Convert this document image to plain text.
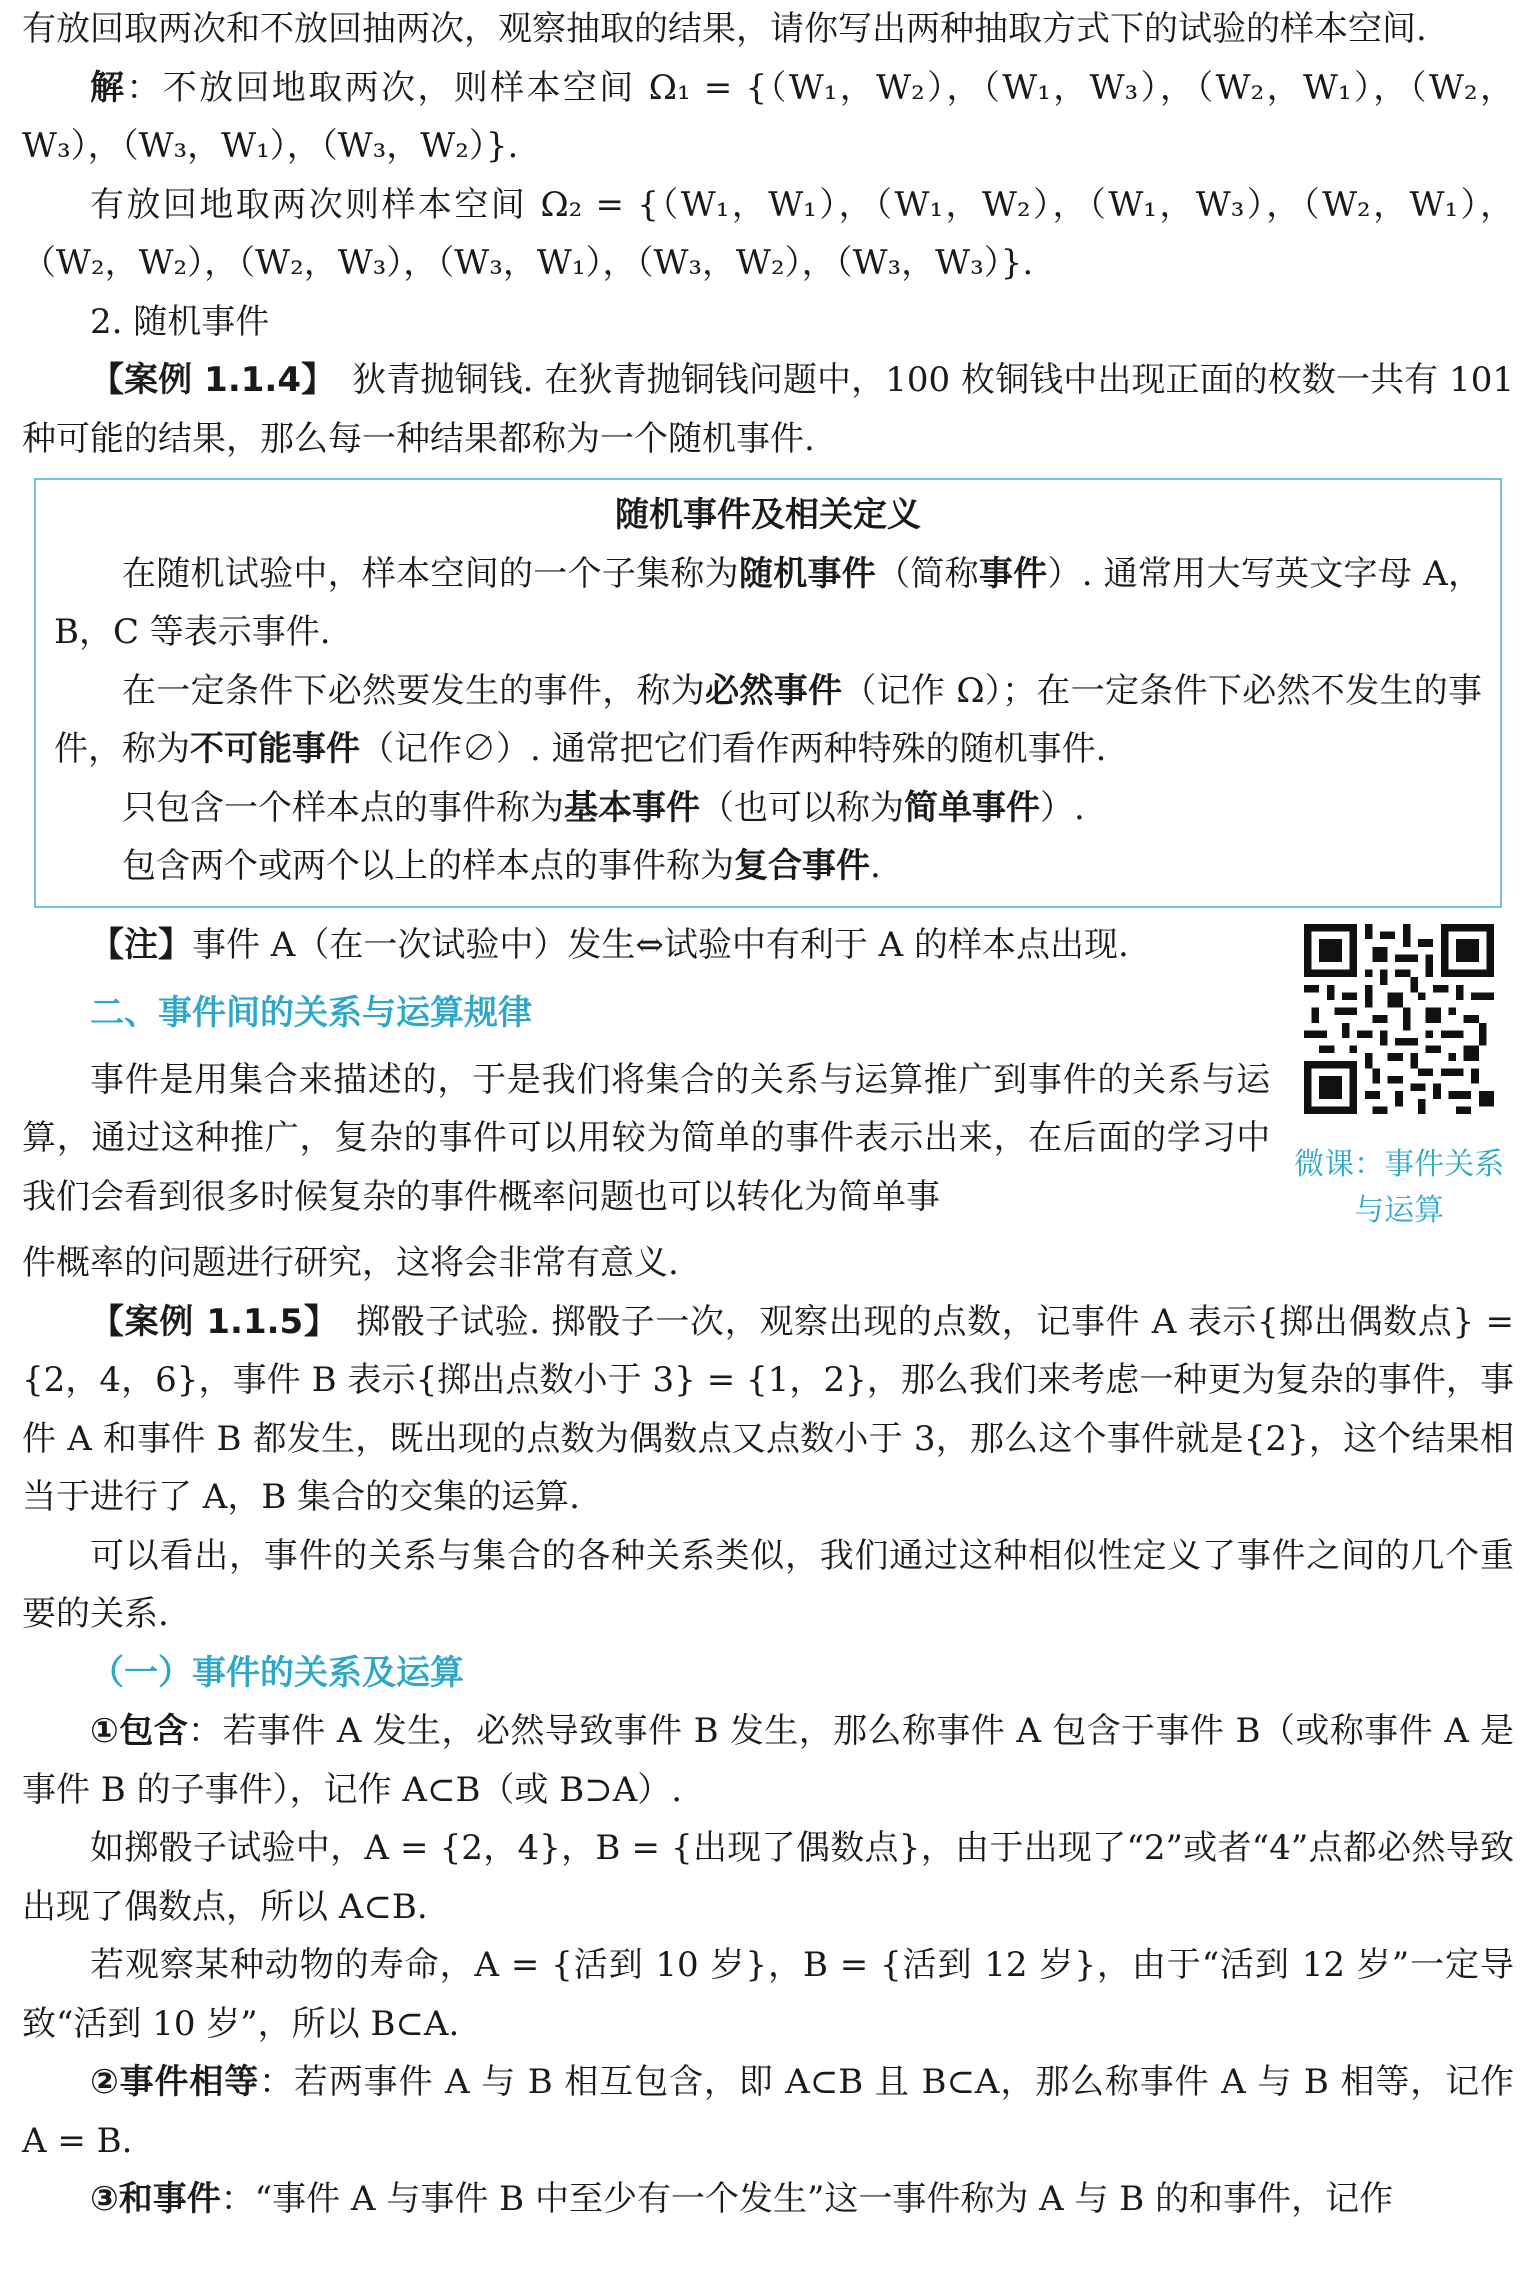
有放回取两次和不放回抽两次，观察抽取的结果，请你写出两种抽取方式下的试验的样本空间.

解：不放回地取两次，则样本空间 Ω₁ = {（W₁，W₂），（W₁，W₃），（W₂，W₁），（W₂，W₃），（W₃，W₁），（W₃，W₂）}.

有放回地取两次则样本空间 Ω₂ = {（W₁，W₁），（W₁，W₂），（W₁，W₃），（W₂，W₁），（W₂，W₂），（W₂，W₃），（W₃，W₁），（W₃，W₂），（W₃，W₃）}.

2. 随机事件

【案例 1.1.4】　 狄青抛铜钱. 在狄青抛铜钱问题中，100 枚铜钱中出现正面的枚数一共有 101 种可能的结果，那么每一种结果都称为一个随机事件.

随机事件及相关定义

在随机试验中，样本空间的一个子集称为随机事件（简称事件）. 通常用大写英文字母 A，B，C 等表示事件.

在一定条件下必然要发生的事件，称为必然事件（记作 Ω）；在一定条件下必然不发生的事件，称为不可能事件（记作∅）. 通常把它们看作两种特殊的随机事件.

只包含一个样本点的事件称为基本事件（也可以称为简单事件）.

包含两个或两个以上的样本点的事件称为复合事件.

【注】事件 A（在一次试验中）发生⇔试验中有利于 A 的样本点出现.

二、事件间的关系与运算规律

事件是用集合来描述的，于是我们将集合的关系与运算推广到事件的关系与运算，通过这种推广，复杂的事件可以用较为简单的事件表示出来，在后面的学习中我们会看到很多时候复杂的事件概率问题也可以转化为简单事

微课：事件关系
与运算

件概率的问题进行研究，这将会非常有意义.

【案例 1.1.5】　 掷骰子试验. 掷骰子一次，观察出现的点数，记事件 A 表示{掷出偶数点} = {2，4，6}，事件 B 表示{掷出点数小于 3} = {1，2}，那么我们来考虑一种更为复杂的事件，事件 A 和事件 B 都发生，既出现的点数为偶数点又点数小于 3，那么这个事件就是{2}，这个结果相当于进行了 A，B 集合的交集的运算.

可以看出，事件的关系与集合的各种关系类似，我们通过这种相似性定义了事件之间的几个重要的关系.

（一）事件的关系及运算

①包含：若事件 A 发生，必然导致事件 B 发生，那么称事件 A 包含于事件 B（或称事件 A 是事件 B 的子事件），记作 A⊂B（或 B⊃A）.

如掷骰子试验中，A = {2，4}，B = {出现了偶数点}，由于出现了“2”或者“4”点都必然导致出现了偶数点，所以 A⊂B.

若观察某种动物的寿命，A = {活到 10 岁}，B = {活到 12 岁}，由于“活到 12 岁”一定导致“活到 10 岁”，所以 B⊂A.

②事件相等：若两事件 A 与 B 相互包含，即 A⊂B 且 B⊂A，那么称事件 A 与 B 相等，记作 A = B.

③和事件：“事件 A 与事件 B 中至少有一个发生”这一事件称为 A 与 B 的和事件，记作
